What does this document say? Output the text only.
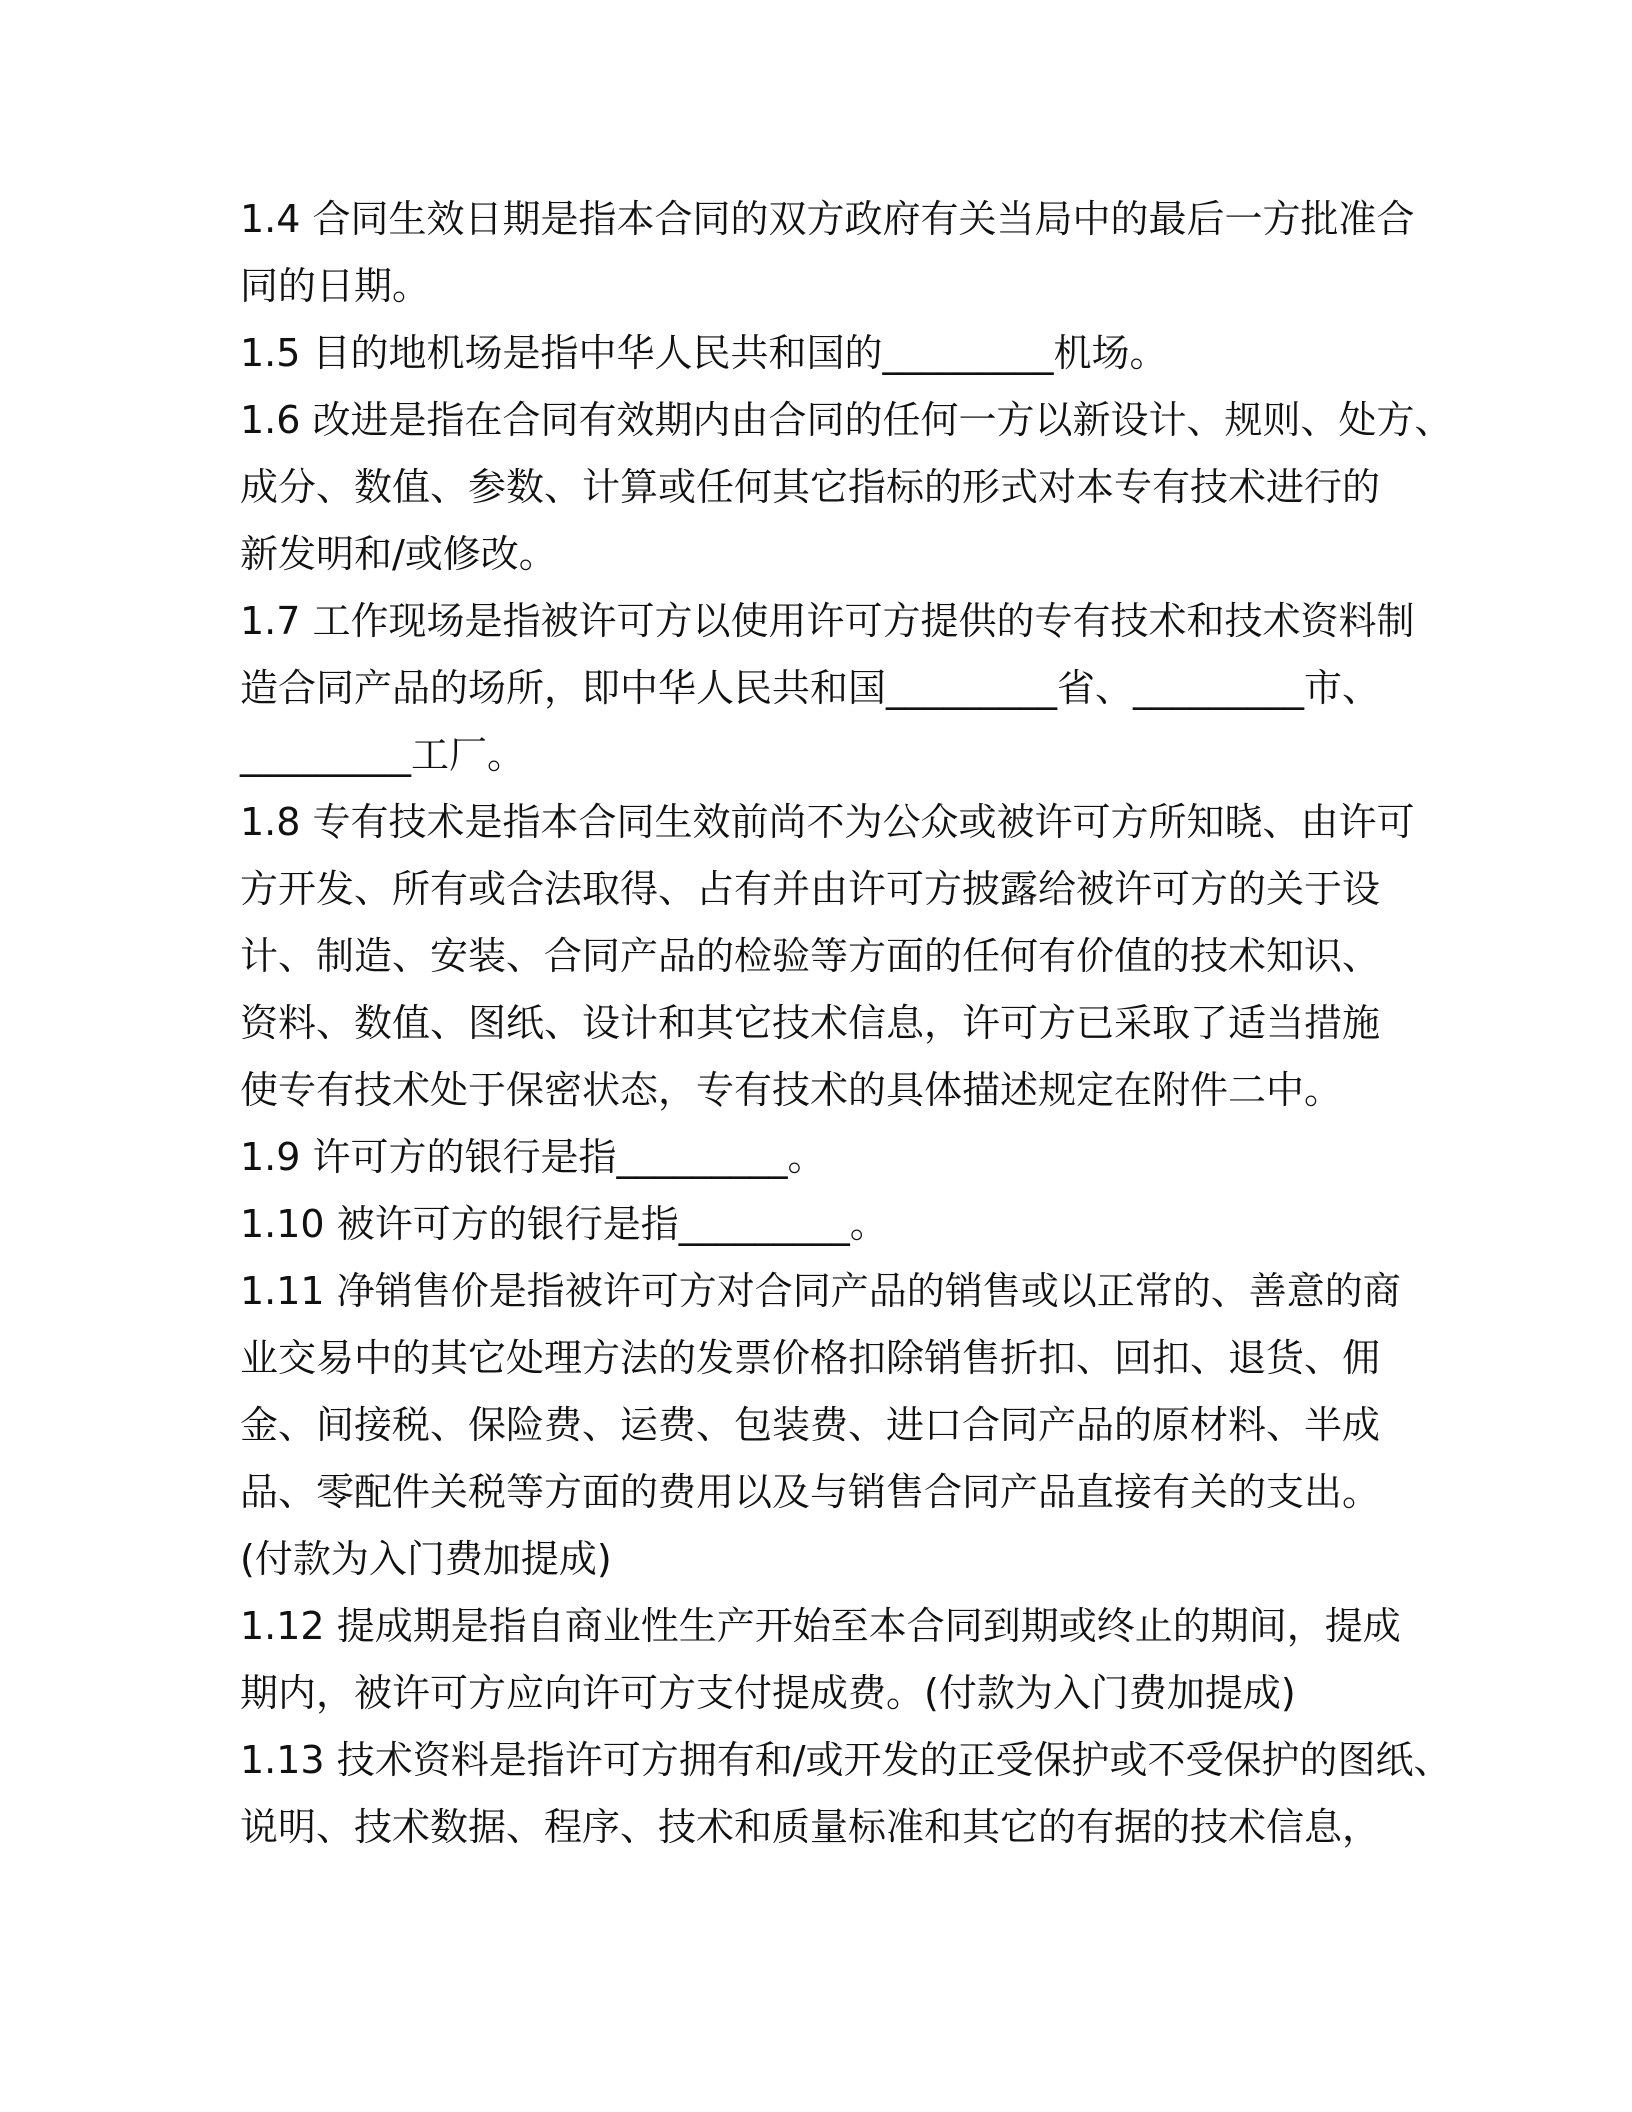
1.4 合同生效日期是指本合同的双方政府有关当局中的最后一方批准合
同的日期。
1.5 目的地机场是指中华人民共和国的_________机场。
1.6 改进是指在合同有效期内由合同的任何一方以新设计、规则、处方、
成分、数值、参数、计算或任何其它指标的形式对本专有技术进行的
新发明和/或修改。
1.7 工作现场是指被许可方以使用许可方提供的专有技术和技术资料制
造合同产品的场所，即中华人民共和国_________省、_________市、
_________工厂。
1.8 专有技术是指本合同生效前尚不为公众或被许可方所知晓、由许可
方开发、所有或合法取得、占有并由许可方披露给被许可方的关于设
计、制造、安装、合同产品的检验等方面的任何有价值的技术知识、
资料、数值、图纸、设计和其它技术信息，许可方已采取了适当措施
使专有技术处于保密状态，专有技术的具体描述规定在附件二中。
1.9 许可方的银行是指_________。
1.10 被许可方的银行是指_________。
1.11 净销售价是指被许可方对合同产品的销售或以正常的、善意的商
业交易中的其它处理方法的发票价格扣除销售折扣、回扣、退货、佣
金、间接税、保险费、运费、包装费、进口合同产品的原材料、半成
品、零配件关税等方面的费用以及与销售合同产品直接有关的支出。
(付款为入门费加提成)
1.12 提成期是指自商业性生产开始至本合同到期或终止的期间，提成
期内，被许可方应向许可方支付提成费。(付款为入门费加提成)
1.13 技术资料是指许可方拥有和/或开发的正受保护或不受保护的图纸、
说明、技术数据、程序、技术和质量标准和其它的有据的技术信息，
